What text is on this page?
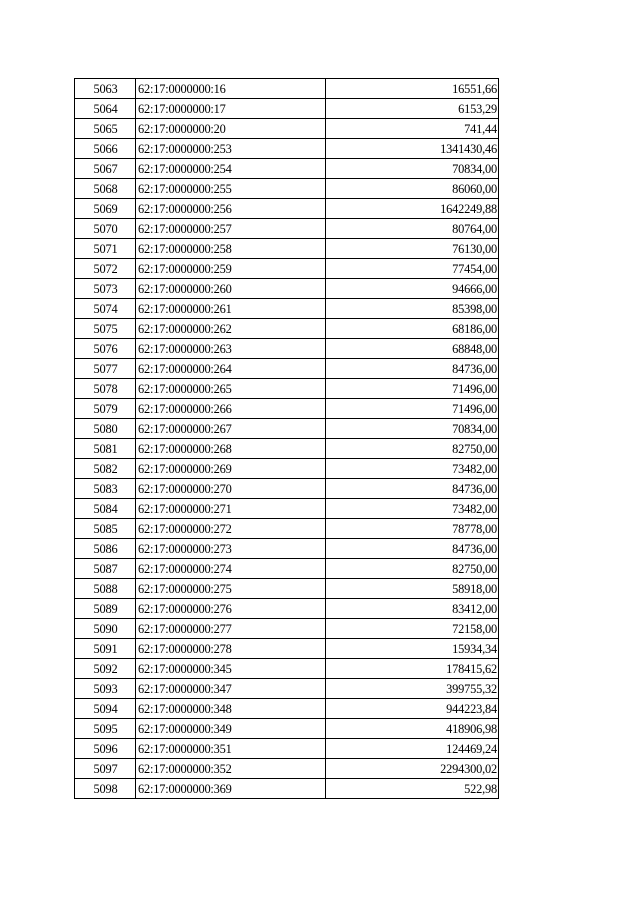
5063	62:17:0000000:16	16551,66
5064	62:17:0000000:17	6153,29
5065	62:17:0000000:20	741,44
5066	62:17:0000000:253	1341430,46
5067	62:17:0000000:254	70834,00
5068	62:17:0000000:255	86060,00
5069	62:17:0000000:256	1642249,88
5070	62:17:0000000:257	80764,00
5071	62:17:0000000:258	76130,00
5072	62:17:0000000:259	77454,00
5073	62:17:0000000:260	94666,00
5074	62:17:0000000:261	85398,00
5075	62:17:0000000:262	68186,00
5076	62:17:0000000:263	68848,00
5077	62:17:0000000:264	84736,00
5078	62:17:0000000:265	71496,00
5079	62:17:0000000:266	71496,00
5080	62:17:0000000:267	70834,00
5081	62:17:0000000:268	82750,00
5082	62:17:0000000:269	73482,00
5083	62:17:0000000:270	84736,00
5084	62:17:0000000:271	73482,00
5085	62:17:0000000:272	78778,00
5086	62:17:0000000:273	84736,00
5087	62:17:0000000:274	82750,00
5088	62:17:0000000:275	58918,00
5089	62:17:0000000:276	83412,00
5090	62:17:0000000:277	72158,00
5091	62:17:0000000:278	15934,34
5092	62:17:0000000:345	178415,62
5093	62:17:0000000:347	399755,32
5094	62:17:0000000:348	944223,84
5095	62:17:0000000:349	418906,98
5096	62:17:0000000:351	124469,24
5097	62:17:0000000:352	2294300,02
5098	62:17:0000000:369	522,98
